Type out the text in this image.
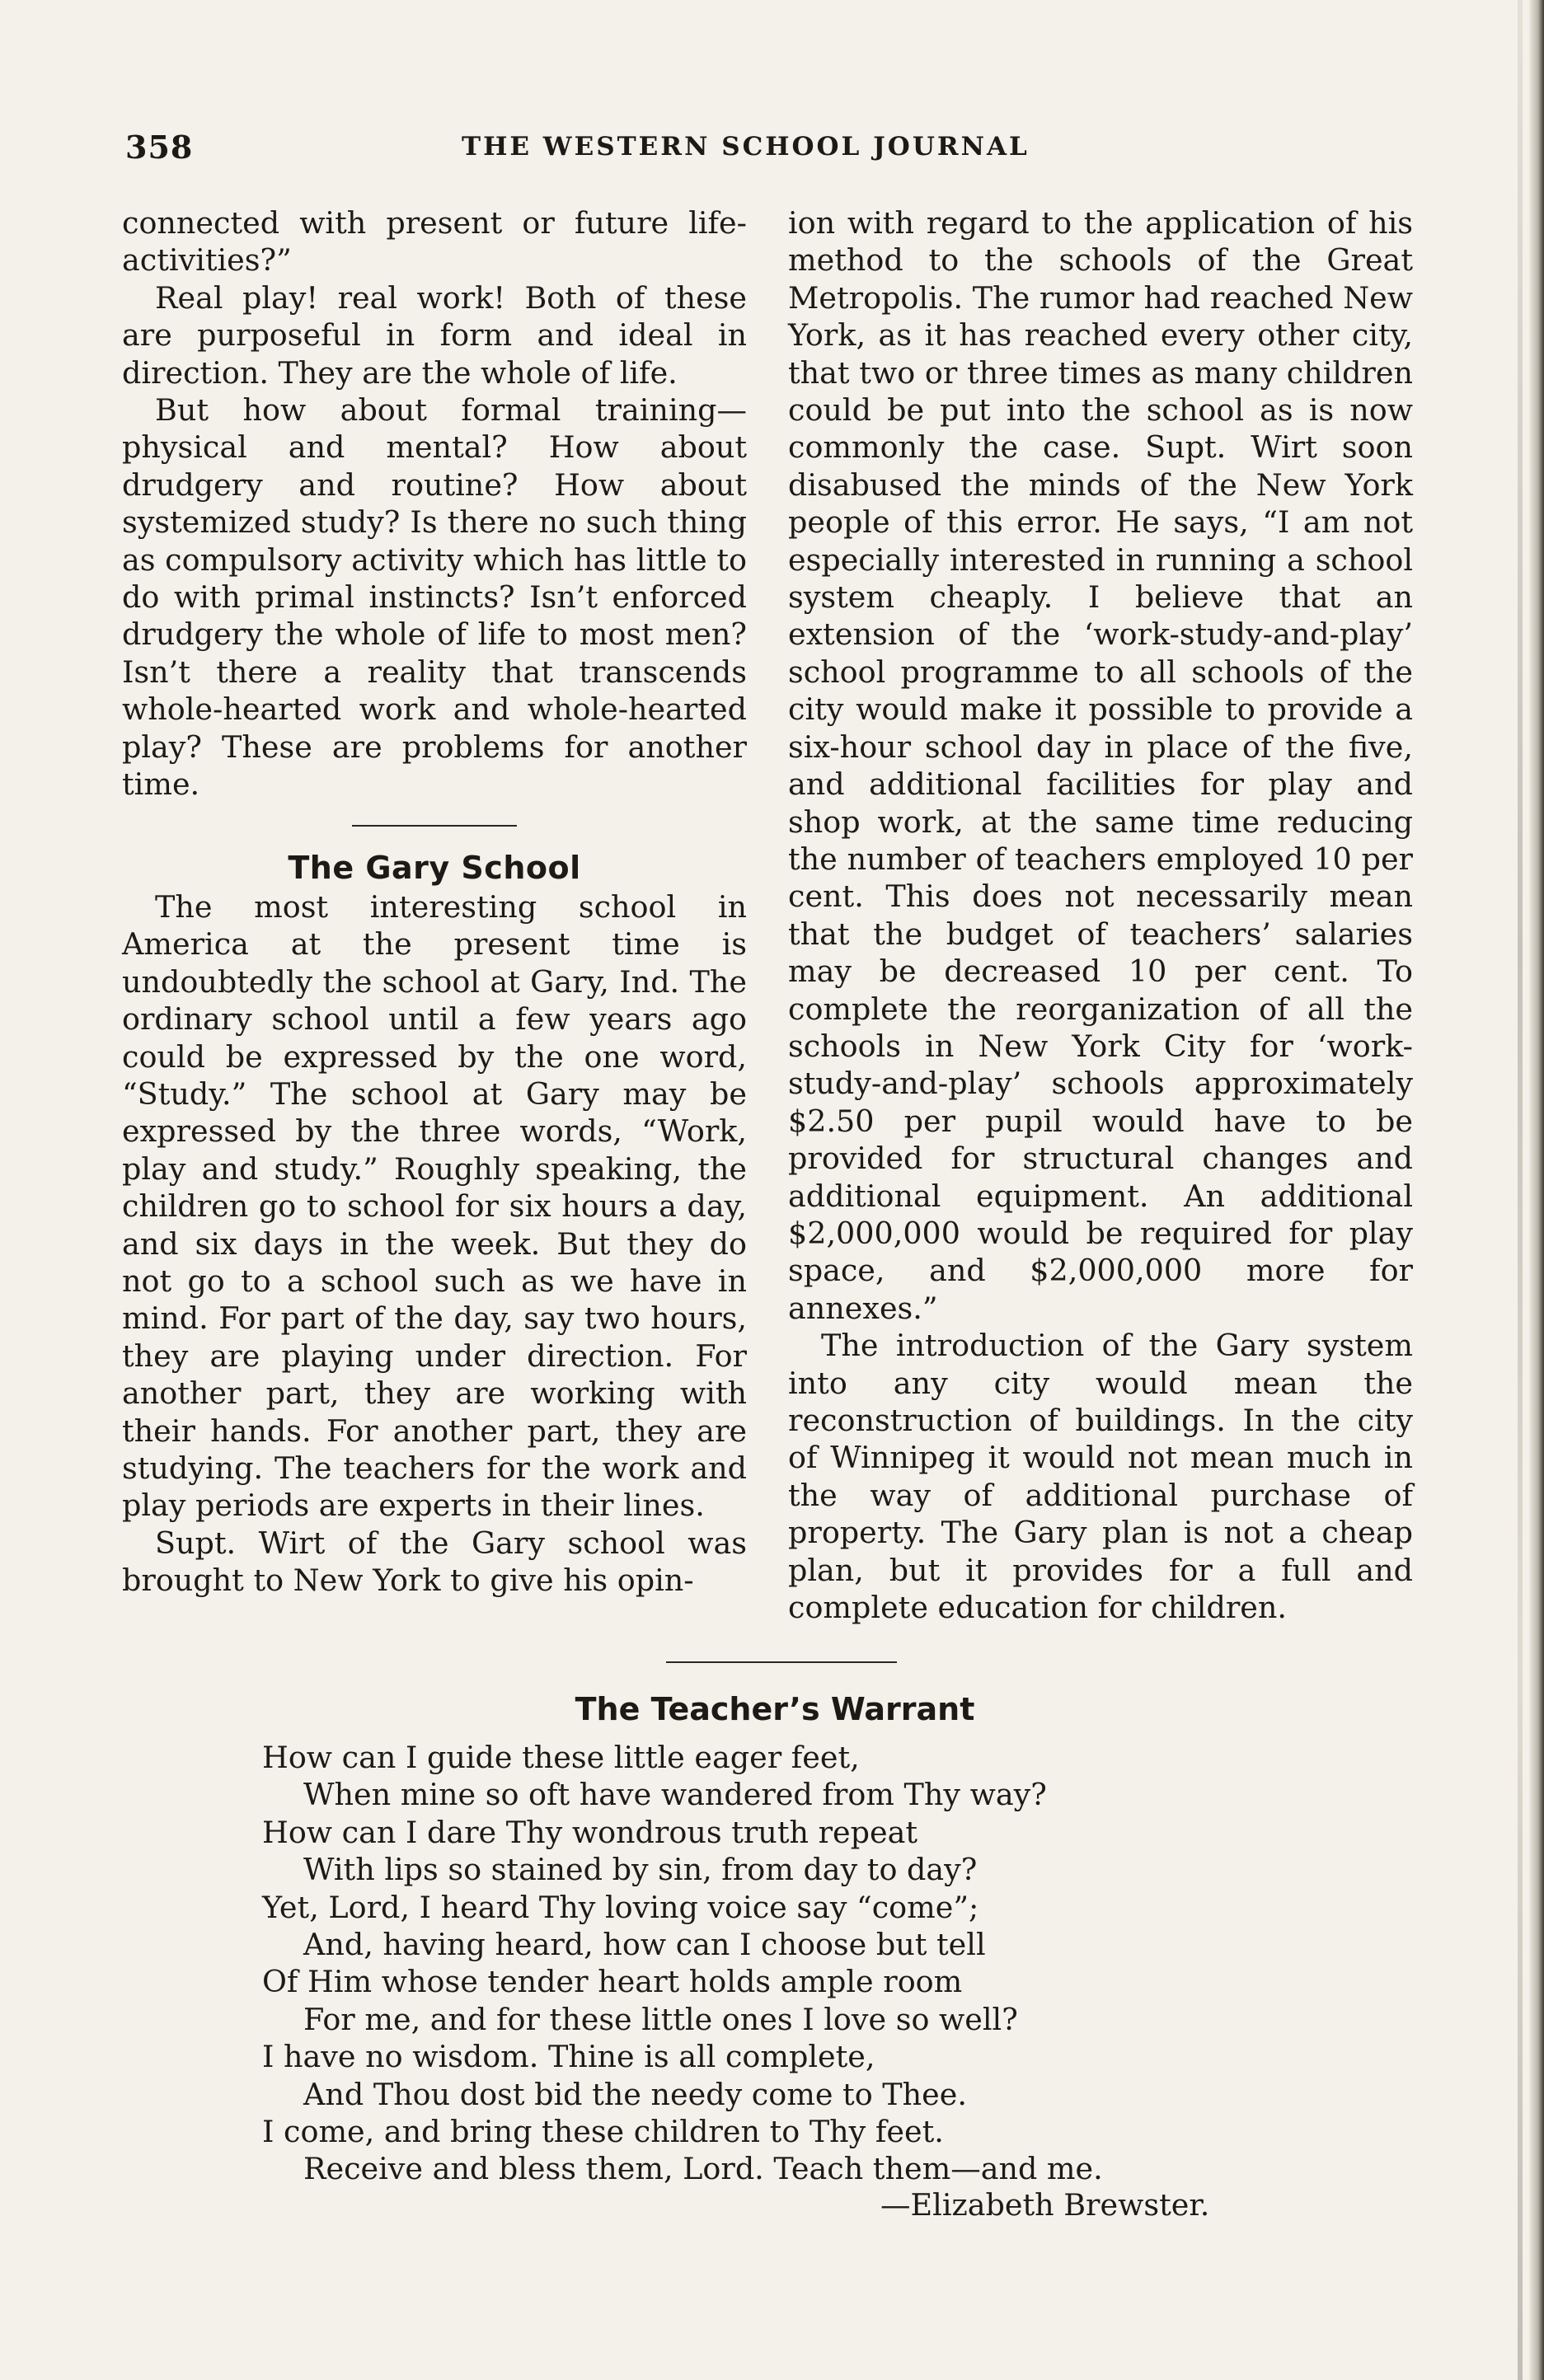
358	THE WESTERN SCHOOL JOURNAL

connected with present or future life-activities?”

Real play! real work! Both of these are purposeful in form and ideal in direction. They are the whole of life.

But how about formal training—physical and mental? How about drudgery and routine? How about systemized study? Is there no such thing as compulsory activity which has little to do with primal instincts? Isn’t enforced drudgery the whole of life to most men? Isn’t there a reality that transcends whole-hearted work and whole-hearted play? These are problems for another time.

The Gary School

The most interesting school in America at the present time is undoubtedly the school at Gary, Ind. The ordinary school until a few years ago could be expressed by the one word, “Study.” The school at Gary may be expressed by the three words, “Work, play and study.” Roughly speaking, the children go to school for six hours a day, and six days in the week. But they do not go to a school such as we have in mind. For part of the day, say two hours, they are playing under direction. For another part, they are working with their hands. For another part, they are studying. The teachers for the work and play periods are experts in their lines.

Supt. Wirt of the Gary school was brought to New York to give his opin-

ion with regard to the application of his method to the schools of the Great Metropolis. The rumor had reached New York, as it has reached every other city, that two or three times as many children could be put into the school as is now commonly the case. Supt. Wirt soon disabused the minds of the New York people of this error. He says, “I am not especially interested in running a school system cheaply. I believe that an extension of the ‘work-study-and-play’ school programme to all schools of the city would make it possible to provide a six-hour school day in place of the five, and additional facilities for play and shop work, at the same time reducing the number of teachers employed 10 per cent. This does not necessarily mean that the budget of teachers’ salaries may be decreased 10 per cent. To complete the reorganization of all the schools in New York City for ‘work-study-and-play’ schools approximately $2.50 per pupil would have to be provided for structural changes and additional equipment. An additional $2,000,000 would be required for play space, and $2,000,000 more for annexes.”

The introduction of the Gary system into any city would mean the reconstruction of buildings. In the city of Winnipeg it would not mean much in the way of additional purchase of property. The Gary plan is not a cheap plan, but it provides for a full and complete education for children.

The Teacher’s Warrant
How can I guide these little eager feet,
When mine so oft have wandered from Thy way?
How can I dare Thy wondrous truth repeat
With lips so stained by sin, from day to day?
Yet, Lord, I heard Thy loving voice say “come”;
And, having heard, how can I choose but tell
Of Him whose tender heart holds ample room
For me, and for these little ones I love so well?
I have no wisdom. Thine is all complete,
And Thou dost bid the needy come to Thee.
I come, and bring these children to Thy feet.
Receive and bless them, Lord. Teach them—and me.
—Elizabeth Brewster.
